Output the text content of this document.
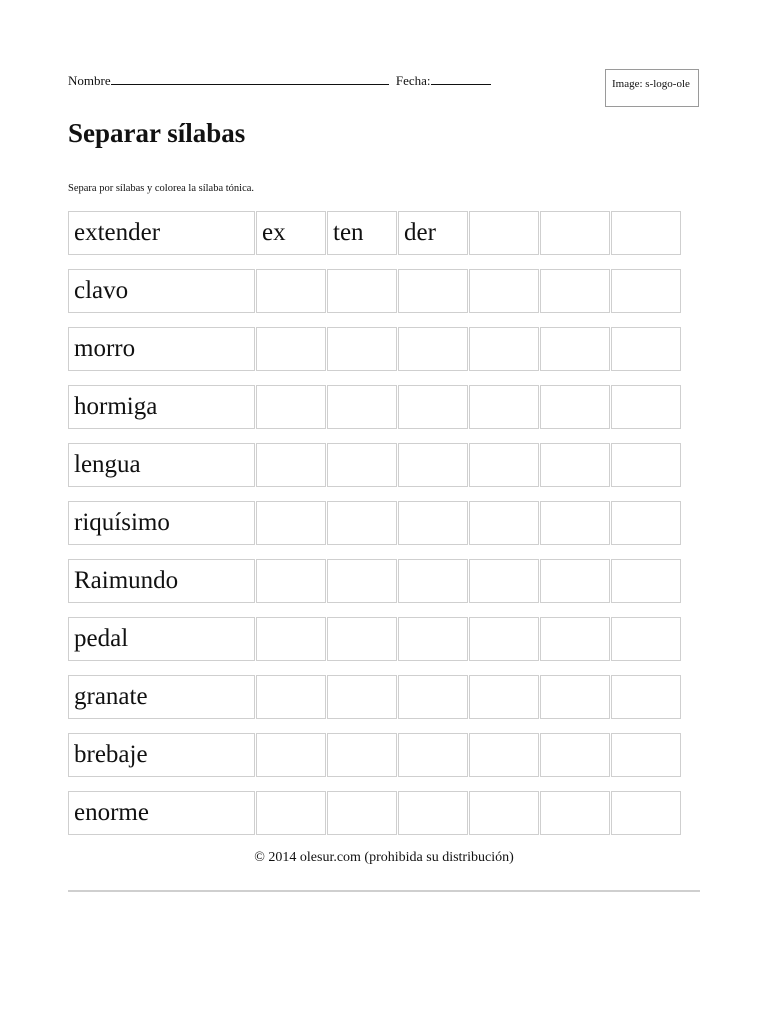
Nombre	Fecha:	Image: s-logo-ole
Separar sílabas
Separa por sílabas y colorea la sílaba tónica.
extender	ex	ten	der
clavo
morro
hormiga
lengua
riquísimo
Raimundo
pedal
granate
brebaje
enorme
© 2014 olesur.com (prohibida su distribución)
